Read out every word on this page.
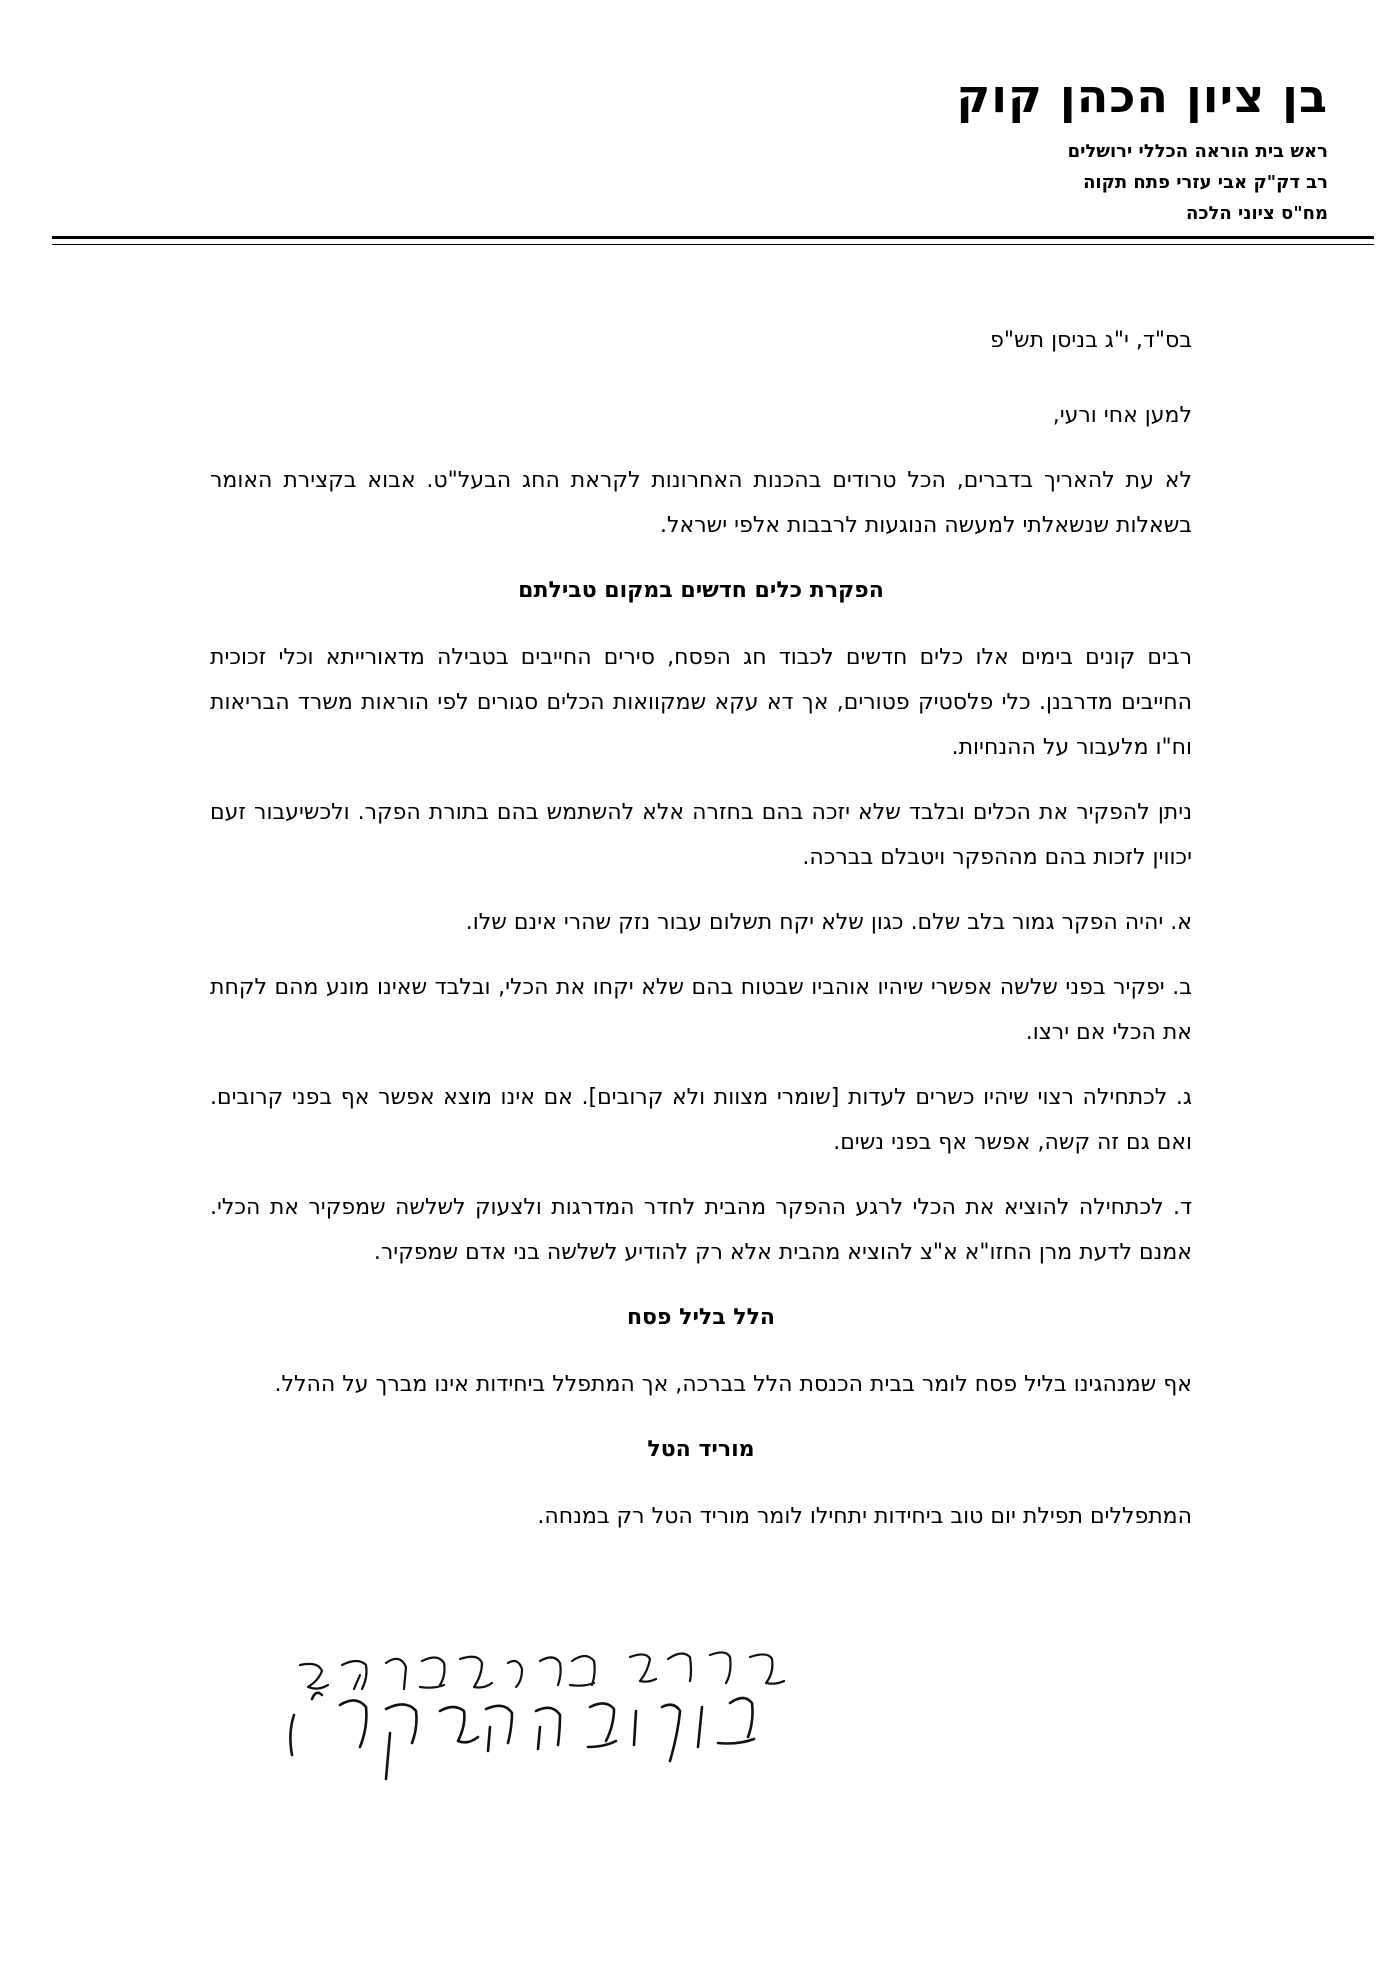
בן ציון הכהן קוק
ראש בית הוראה הכללי ירושלים
רב דק"ק אבי עזרי פתח תקוה
מח"ס ציוני הלכה

בס"ד, י"ג בניסן תש"פ

למען אחי ורעי,

לא עת להאריך בדברים, הכל טרודים בהכנות האחרונות לקראת החג הבעל"ט. אבוא בקצירת האומר בשאלות שנשאלתי למעשה הנוגעות לרבבות אלפי ישראל.

הפקרת כלים חדשים במקום טבילתם

רבים קונים בימים אלו כלים חדשים לכבוד חג הפסח, סירים החייבים בטבילה מדאורייתא וכלי זכוכית החייבים מדרבנן. כלי פלסטיק פטורים, אך דא עקא שמקוואות הכלים סגורים לפי הוראות משרד הבריאות וח"ו מלעבור על ההנחיות.

ניתן להפקיר את הכלים ובלבד שלא יזכה בהם בחזרה אלא להשתמש בהם בתורת הפקר. ולכשיעבור זעם יכווין לזכות בהם מההפקר ויטבלם בברכה.

א. יהיה הפקר גמור בלב שלם. כגון שלא יקח תשלום עבור נזק שהרי אינם שלו.

ב. יפקיר בפני שלשה אפשרי שיהיו אוהביו שבטוח בהם שלא יקחו את הכלי, ובלבד שאינו מונע מהם לקחת את הכלי אם ירצו.

ג. לכתחילה רצוי שיהיו כשרים לעדות [שומרי מצוות ולא קרובים]. אם אינו מוצא אפשר אף בפני קרובים. ואם גם זה קשה, אפשר אף בפני נשים.

ד. לכתחילה להוציא את הכלי לרגע ההפקר מהבית לחדר המדרגות ולצעוק לשלשה שמפקיר את הכלי. אמנם לדעת מרן החזו"א א"צ להוציא מהבית אלא רק להודיע לשלשה בני אדם שמפקיר.

הלל בליל פסח

אף שמנהגינו בליל פסח לומר בבית הכנסת הלל בברכה, אך המתפלל ביחידות אינו מברך על ההלל.

מוריד הטל

המתפללים תפילת יום טוב ביחידות יתחילו לומר מוריד הטל רק במנחה.
